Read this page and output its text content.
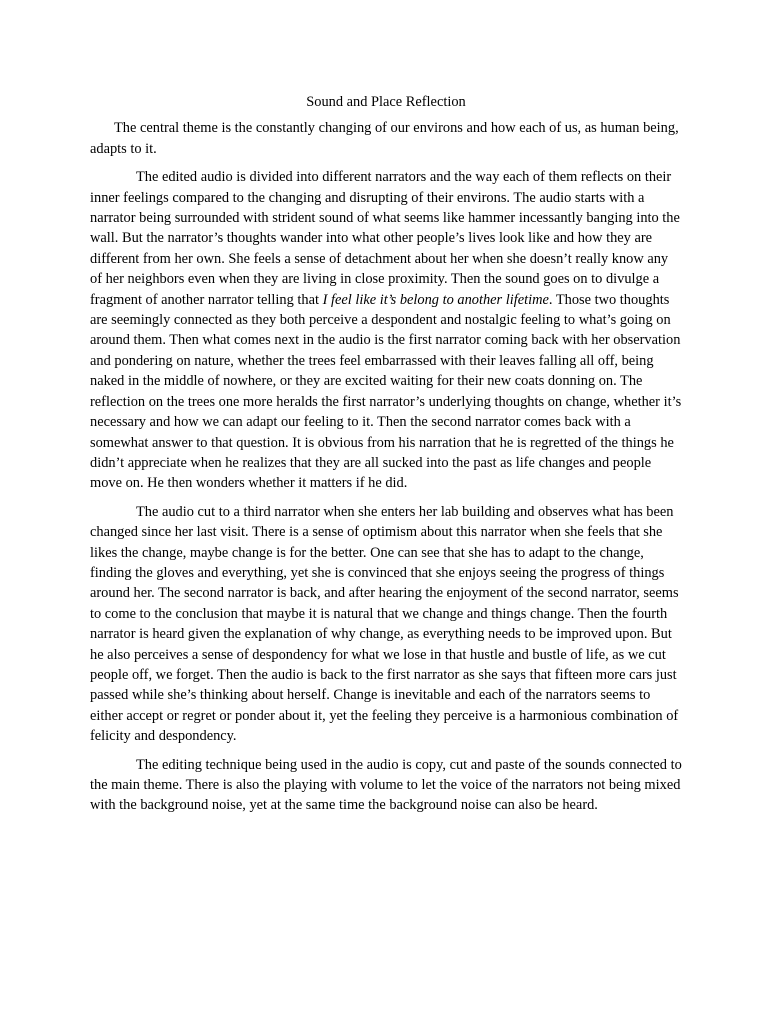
Sound and Place Reflection

The central theme is the constantly changing of our environs and how each of us, as human being, adapts to it.

The edited audio is divided into different narrators and the way each of them reflects on their inner feelings compared to the changing and disrupting of their environs. The audio starts with a narrator being surrounded with strident sound of what seems like hammer incessantly banging into the wall. But the narrator’s thoughts wander into what other people’s lives look like and how they are different from her own. She feels a sense of detachment about her when she doesn’t really know any of her neighbors even when they are living in close proximity. Then the sound goes on to divulge a fragment of another narrator telling that I feel like it’s belong to another lifetime. Those two thoughts are seemingly connected as they both perceive a despondent and nostalgic feeling to what’s going on around them. Then what comes next in the audio is the first narrator coming back with her observation and pondering on nature, whether the trees feel embarrassed with their leaves falling all off, being naked in the middle of nowhere, or they are excited waiting for their new coats donning on. The reflection on the trees one more heralds the first narrator’s underlying thoughts on change, whether it’s necessary and how we can adapt our feeling to it. Then the second narrator comes back with a somewhat answer to that question. It is obvious from his narration that he is regretted of the things he didn’t appreciate when he realizes that they are all sucked into the past as life changes and people move on. He then wonders whether it matters if he did.

The audio cut to a third narrator when she enters her lab building and observes what has been changed since her last visit. There is a sense of optimism about this narrator when she feels that she likes the change, maybe change is for the better. One can see that she has to adapt to the change, finding the gloves and everything, yet she is convinced that she enjoys seeing the progress of things around her. The second narrator is back, and after hearing the enjoyment of the second narrator, seems to come to the conclusion that maybe it is natural that we change and things change. Then the fourth narrator is heard given the explanation of why change, as everything needs to be improved upon. But he also perceives a sense of despondency for what we lose in that hustle and bustle of life, as we cut people off, we forget. Then the audio is back to the first narrator as she says that fifteen more cars just passed while she’s thinking about herself. Change is inevitable and each of the narrators seems to either accept or regret or ponder about it, yet the feeling they perceive is a harmonious combination of felicity and despondency.

The editing technique being used in the audio is copy, cut and paste of the sounds connected to the main theme. There is also the playing with volume to let the voice of the narrators not being mixed with the background noise, yet at the same time the background noise can also be heard.
